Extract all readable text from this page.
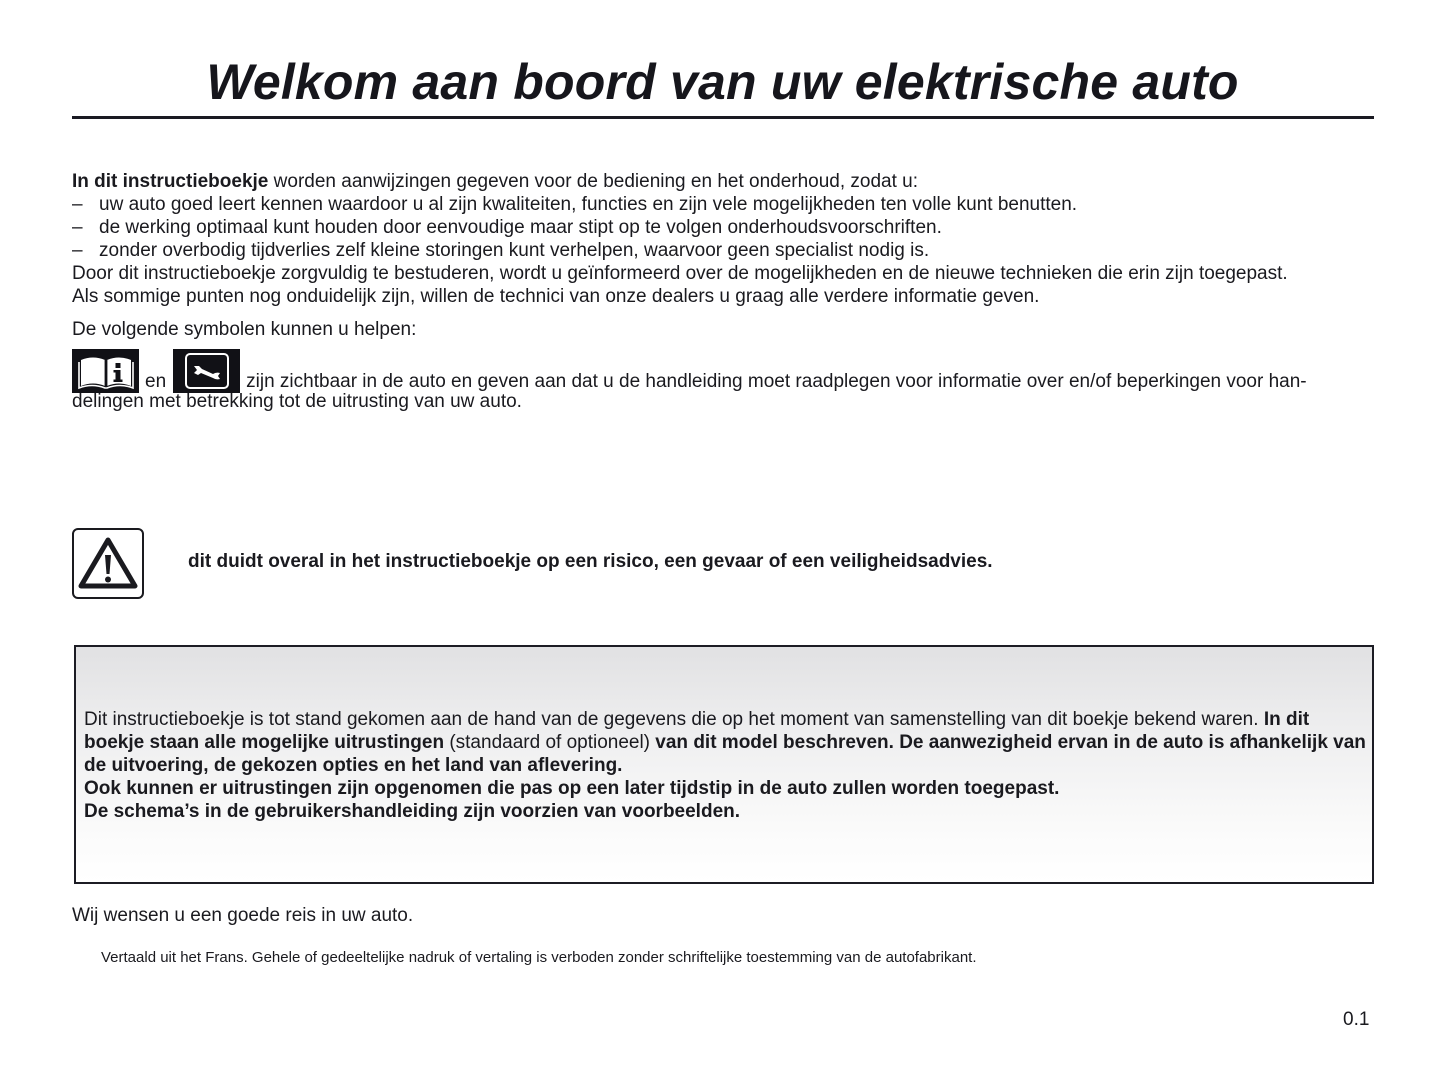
Welkom aan boord van uw elektrische auto

In dit instructieboekje worden aanwijzingen gegeven voor de bediening en het onderhoud, zodat u:

– uw auto goed leert kennen waardoor u al zijn kwaliteiten, functies en zijn vele mogelijkheden ten volle kunt benutten.
– de werking optimaal kunt houden door eenvoudige maar stipt op te volgen onderhoudsvoorschriften.
– zonder overbodig tijdverlies zelf kleine storingen kunt verhelpen, waarvoor geen specialist nodig is.

Door dit instructieboekje zorgvuldig te bestuderen, wordt u geïnformeerd over de mogelijkheden en de nieuwe technieken die erin zijn toegepast.

Als sommige punten nog onduidelijk zijn, willen de technici van onze dealers u graag alle verdere informatie geven.

De volgende symbolen kunnen u helpen:
en	zijn zichtbaar in de auto en geven aan dat u de handleiding moet raadplegen voor informatie over en/of beperkingen voor han-
delingen met betrekking tot de uitrusting van uw auto.
dit duidt overal in het instructieboekje op een risico, een gevaar of een veiligheidsadvies.
Dit instructieboekje is tot stand gekomen aan de hand van de gegevens die op het moment van samenstelling van dit boekje bekend waren. In dit boekje staan alle mogelijke uitrustingen (standaard of optioneel) van dit model beschreven. De aanwezigheid ervan in de auto is afhankelijk van de uitvoering, de gekozen opties en het land van aflevering.
Ook kunnen er uitrustingen zijn opgenomen die pas op een later tijdstip in de auto zullen worden toegepast.
De schema’s in de gebruikershandleiding zijn voorzien van voorbeelden.
Wij wensen u een goede reis in uw auto.
Vertaald uit het Frans. Gehele of gedeeltelijke nadruk of vertaling is verboden zonder schriftelijke toestemming van de autofabrikant.
0.1
